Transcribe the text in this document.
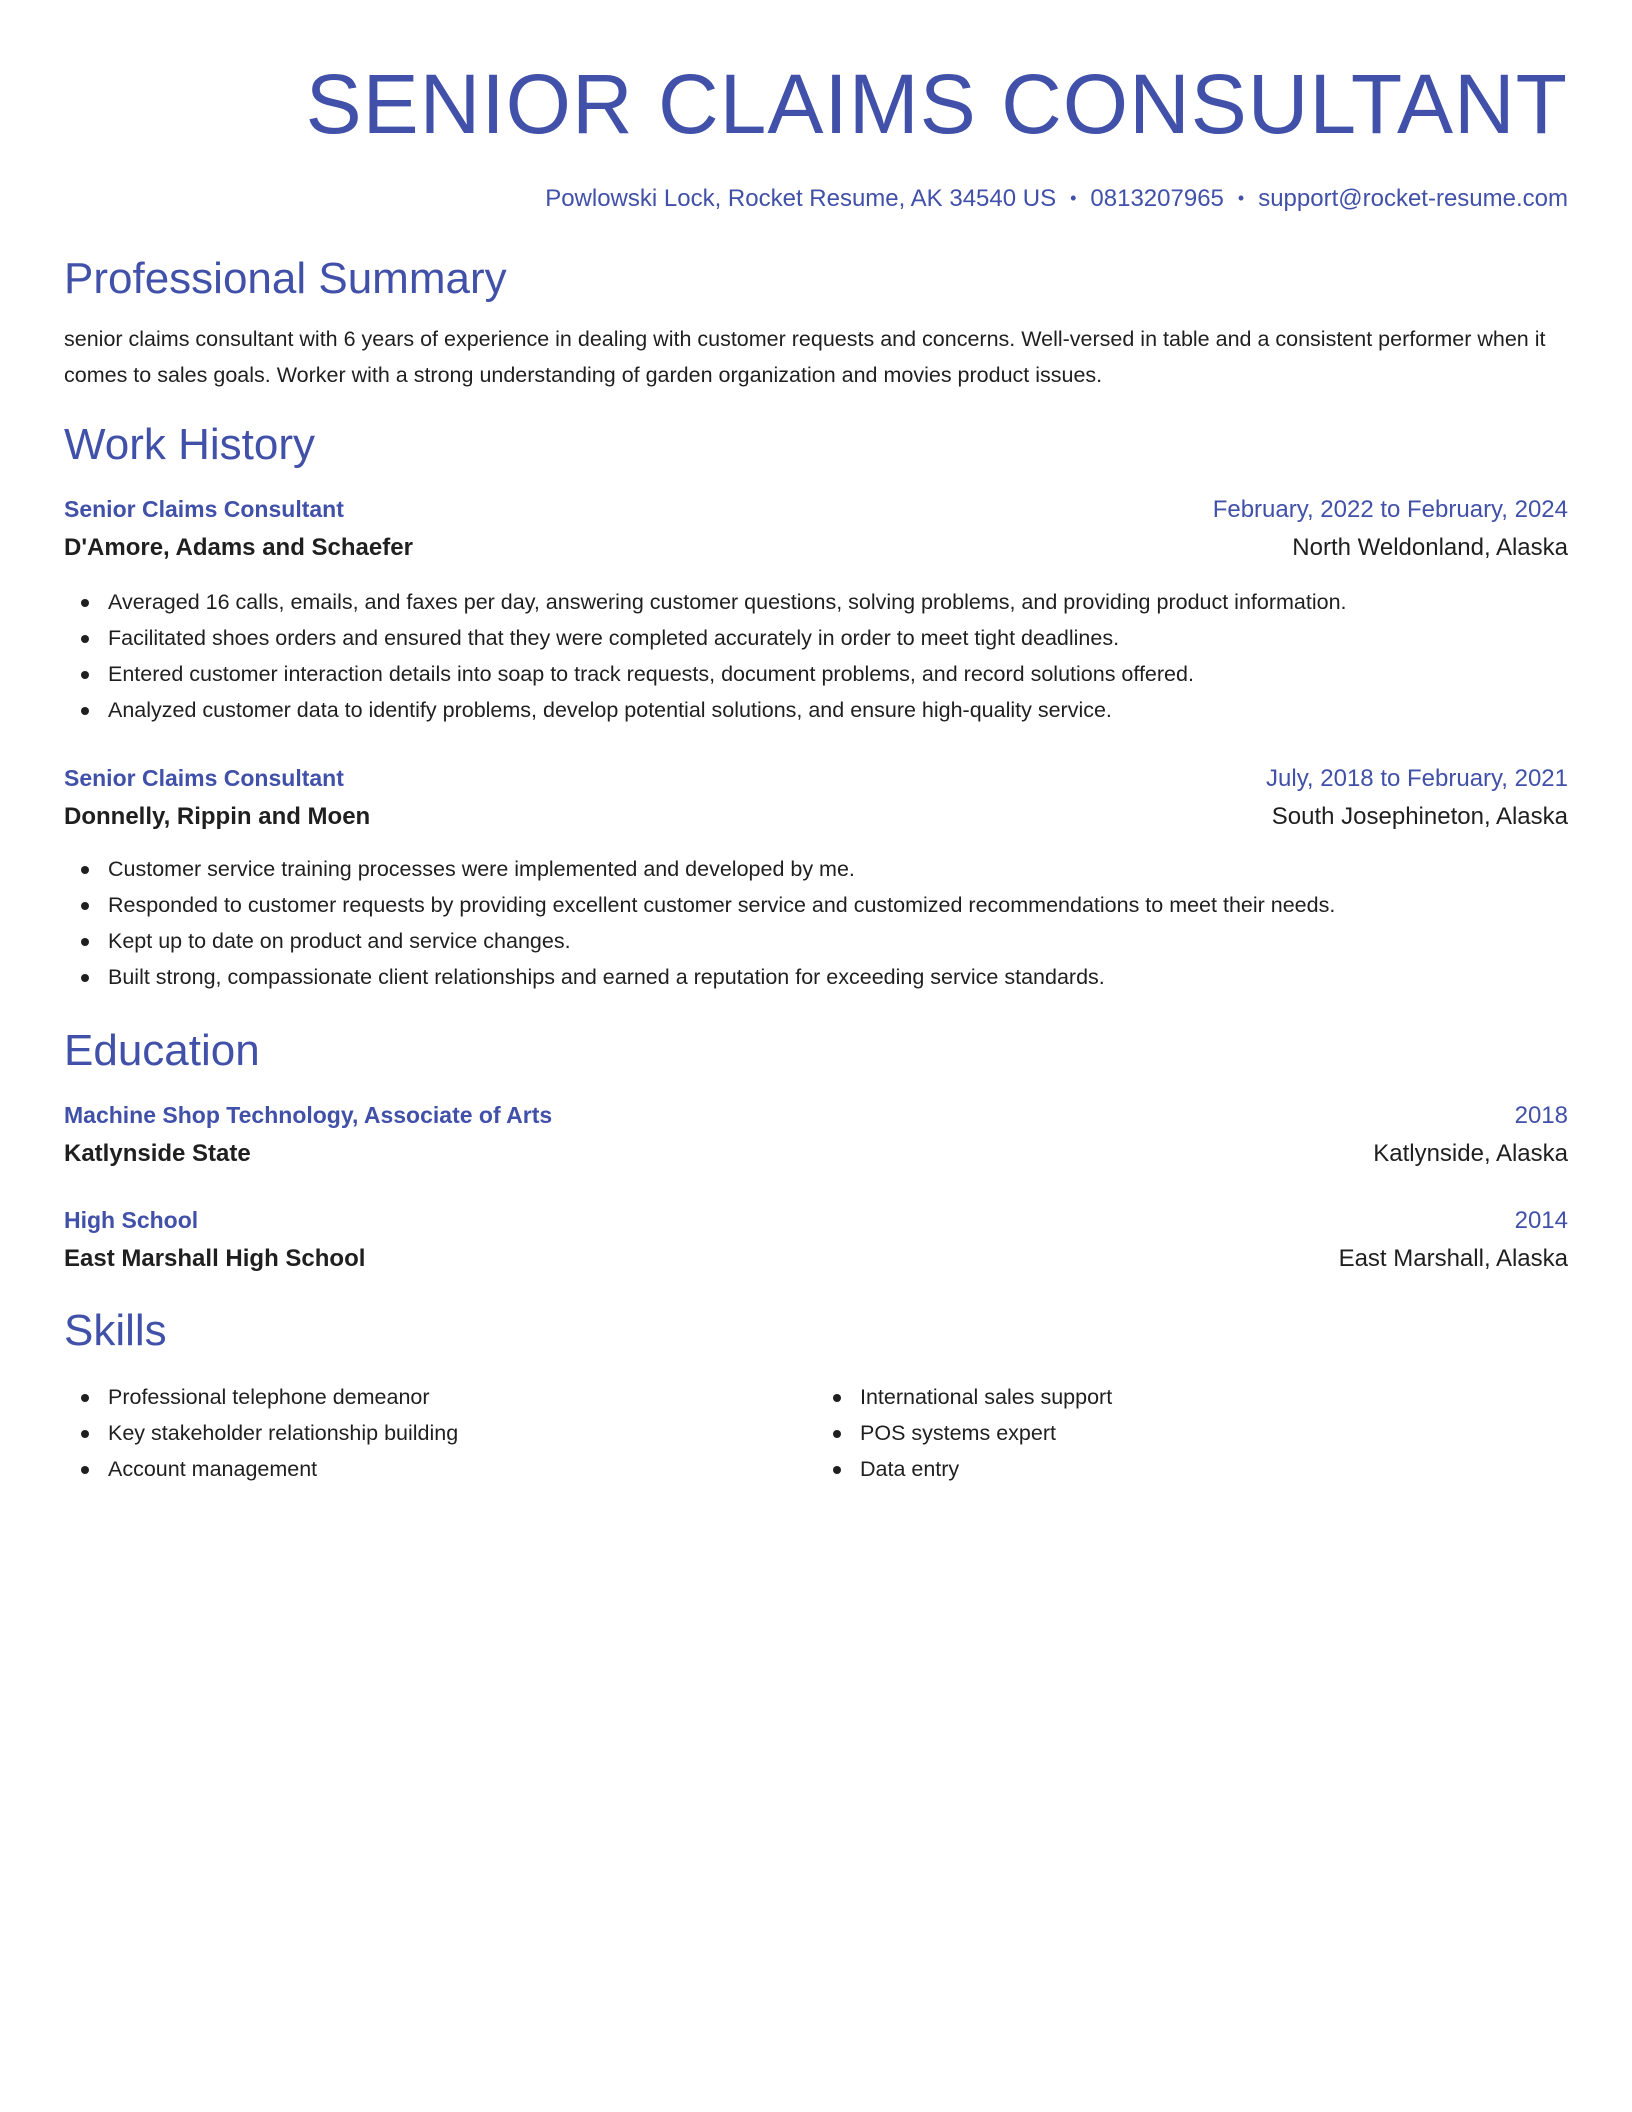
SENIOR CLAIMS CONSULTANT
Powlowski Lock, Rocket Resume, AK 34540 US • 0813207965 • support@rocket-resume.com
Professional Summary
senior claims consultant with 6 years of experience in dealing with customer requests and concerns. Well-versed in table and a consistent performer when it comes to sales goals. Worker with a strong understanding of garden organization and movies product issues.
Work History
Senior Claims Consultant	February, 2022 to February, 2024
D'Amore, Adams and Schaefer	North Weldonland, Alaska
Averaged 16 calls, emails, and faxes per day, answering customer questions, solving problems, and providing product information.
Facilitated shoes orders and ensured that they were completed accurately in order to meet tight deadlines.
Entered customer interaction details into soap to track requests, document problems, and record solutions offered.
Analyzed customer data to identify problems, develop potential solutions, and ensure high-quality service.
Senior Claims Consultant	July, 2018 to February, 2021
Donnelly, Rippin and Moen	South Josephineton, Alaska
Customer service training processes were implemented and developed by me.
Responded to customer requests by providing excellent customer service and customized recommendations to meet their needs.
Kept up to date on product and service changes.
Built strong, compassionate client relationships and earned a reputation for exceeding service standards.
Education
Machine Shop Technology, Associate of Arts	2018
Katlynside State	Katlynside, Alaska
High School	2014
East Marshall High School	East Marshall, Alaska
Skills
Professional telephone demeanor
Key stakeholder relationship building
Account management
International sales support
POS systems expert
Data entry
